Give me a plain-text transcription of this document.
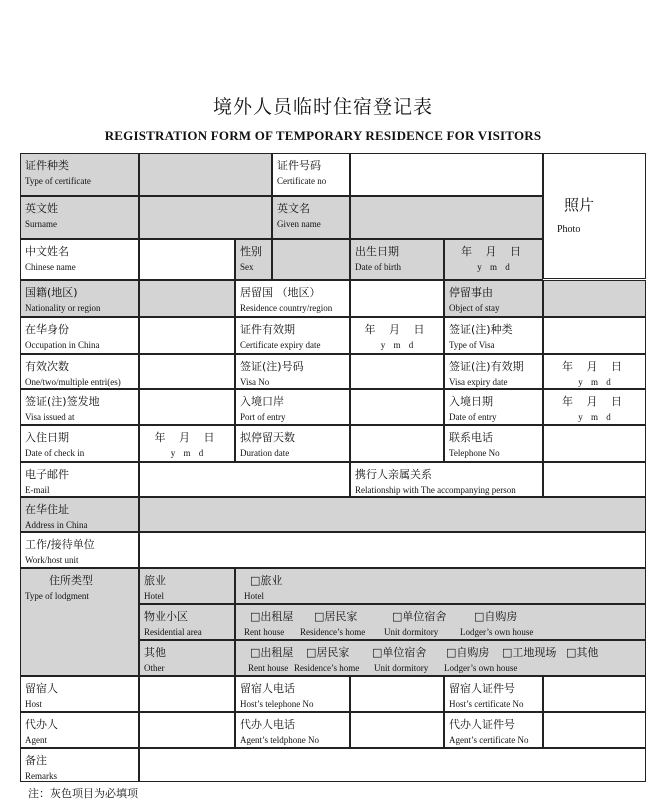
境外人员临时住宿登记表
REGISTRATION FORM OF TEMPORARY RESIDENCE FOR VISITORS
照片
Photo
证件种类
Type of certificate
证件号码
Certificate no
英文姓
Surname
英文名
Given name
中文姓名
Chinese name
性别
Sex
出生日期
Date of birth
年 月 日
y m d
国籍(地区)
Nationality or region
居留国 （地区）
Residence country/region
停留事由
Object of stay
在华身份
Occupation in China
证件有效期
Certificate expiry date
年 月 日
y m d
签证(注)种类
Type of Visa
有效次数
One/two/multiple entri(es)
签证(注)号码
Visa No
签证(注)有效期
Visa expiry date
年 月 日
y m d
签证(注)签发地
Visa issued at
入境口岸
Port of entry
入境日期
Date of entry
年 月 日
y m d
入住日期
Date of check in
年 月 日
y m d
拟停留天数
Duration date
联系电话
Telephone No
电子邮件
E-mail
携行人亲属关系
Relationship with The accompanying person
在华住址
Address in China
工作/接待单位
Work/host unit
住所类型
Type of lodgment
旅业
Hotel
□旅业
Hotel
物业小区
Residential area
□出租屋
Rent house
□居民家
Residence’s home
□单位宿舍
Unit dormitory
□自购房
Lodger’s own house
其他
Other
□出租屋
Rent house
□居民家
Residence’s home
□单位宿舍
Unit dormitory
□自购房
Lodger’s own house
□工地现场 □其他
留宿人
Host
留宿人电话
Host’s telephone No
留宿人证件号
Host’s certificate No
代办人
Agent
代办人电话
Agent’s teldphone No
代办人证件号
Agent’s certificate No
备注
Remarks
注：灰色项目为必填项
